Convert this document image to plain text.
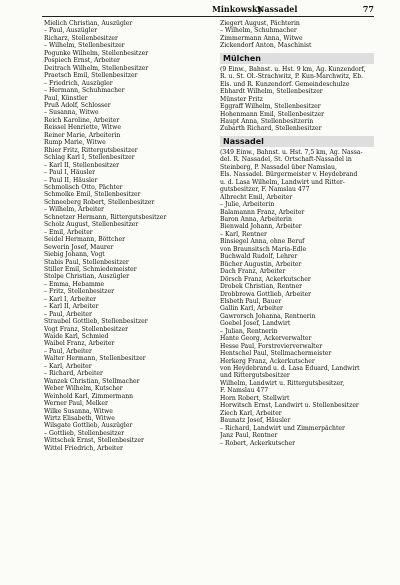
Minkowsky
Nassadel	77
Mielich Christian, Auszügler
– Paul, Auszügler
Richarz, Stellenbesitzer
– Wilhelm, Stellenbesitzer
Pogunke Wilhelm, Stellenbesitzer
Pospiech Ernst, Arbeiter
Deitrach Wilhelm, Stellenbesitzer
Praetsch Emil, Stellenbesitzer
– Friedrich, Auszügler
– Hermann, Schuhmacher
Paul, Künstler
Pruß Adolf, Schlosser
– Susanna, Witwe
Reich Karoline, Arbeiter
Reissel Henriette, Witwe
Reiner Marie, Arbeiterin
Rump Marie, Witwe
Rhier Fritz, Rittergutsbesitzer
Schlag Karl I, Stellenbesitzer
– Karl II, Stellenbesitzer
– Paul I, Häusler
– Paul II, Häusler
Schmolisch Otto, Pächter
Schmolke Emil, Stellenbesitzer
Schneeberg Robert, Stellenbesitzer
– Wilhelm, Arbeiter
Schnetzer Hermann, Rittergutsbesitzer
Scholz August, Stellenbesitzer
– Emil, Arbeiter
Seidel Hermann, Böttcher
Sewerin Josef, Maurer
Siebig Johann, Vogt
Stabis Paul, Stellenbesitzer
Stiller Emil, Schmiedemeister
Stolpe Christian, Auszügler
– Emma, Hebamme
– Fritz, Stellenbesitzer
– Karl I, Arbeiter
– Karl II, Arbeiter
– Paul, Arbeiter
Straubel Gottlieb, Stellenbesitzer
Vogt Franz, Stellenbesitzer
Waide Karl, Schmied
Waibel Franz, Arbeiter
– Paul, Arbeiter
Walter Hermann, Stellenbesitzer
– Karl, Arbeiter
– Richard, Arbeiter
Wanzek Christian, Stellmacher
Weber Wilhelm, Kutscher
Weinhold Karl, Zimmermann
Werner Paul, Melker
Wilke Susanna, Witwe
Wirtz Elisabeth, Witwe
Wilsgate Gottlieb, Auszügler
– Gottlieb, Stellenbesitzer
Wittschek Ernst, Stellenbesitzer
Wittel Friedrich, Arbeiter
Ziegert August, Pächterin
– Wilhelm, Schuhmacher
Zimmermann Anna, Witwe
Zickendorf Anton, Maschinist
Mülchen
(9 Einw., Bahnst. u. Hst. 9 km, Ag. Kunzendorf,
R. u. St. Ol.-Strachwitz, P. Kun-Marchwitz, Eb.
Els. und R. Kunzendorf. Gemeindeschulze
Ebhardt Wilhelm, Stellenbesitzer
Münster Fritz
Eggraff Wilhelm, Stellenbesitzer
Hohenmann Emil, Stellenbesitzer
Haupt Anna, Stellenbesitzerin
Zubarth Richard, Stellenbesitzer
Nassadel
(349 Einw., Bahnst. u. Hst. 7,5 km, Ag. Nassa-
del. R. Nassadel, St. Ortschaft-Nassadel in
Steinberg, P. Nassadel über Namslau,
Els. Nassadel. Bürgermeister v. Heydebrand
u. d. Lasa Wilhelm, Landwirt und Ritter-
gutsbesitzer, F. Namslau 477
Albrecht Emil, Arbeiter
– Julie, Arbeiterin
Balamannn Franz, Arbeiter
Baron Anna, Arbeiterin
Bienwald Johann, Arbeiter
– Karl, Rentner
Binsiegel Anna, ohne Beruf
von Braunsitsch Maria-Edle
Buchwald Rudolf, Lehrer
Bücher Augustin, Arbeiter
Dach Franz, Arbeiter
Dörsch Franz, Ackerkutscher
Drobek Christian, Rentner
Drobbrowa Gottlieb, Arbeiter
Elsbeth Paul, Bauer
Gallin Karl, Arbeiter
Gawrorsch Johanna, Rentnerin
Goebel Josef, Landwirt
– Julian, Rentnerin
Hante Georg, Ackerverwalter
Hesse Paul, Forstrevierverwalter
Hentschel Paul, Stellmachermeister
Herkerg Franz, Ackerkutscher
von Heydebrand u. d. Lasa Eduard, Landwirt
und Rittergutsbesitzer
Wilhelm, Landwirt u. Rittergutsbesitzer,
F. Namslau 477
Horn Robert, Stellwirt
Horwitsch Ernst, Landwirt u. Stellenbesitzer
Ziech Karl, Arbeiter
Baunatz Josef, Häusler
– Richard, Landwirt und Zimmerpächter
Janz Paul, Rentner
– Robert, Ackerkutscher
